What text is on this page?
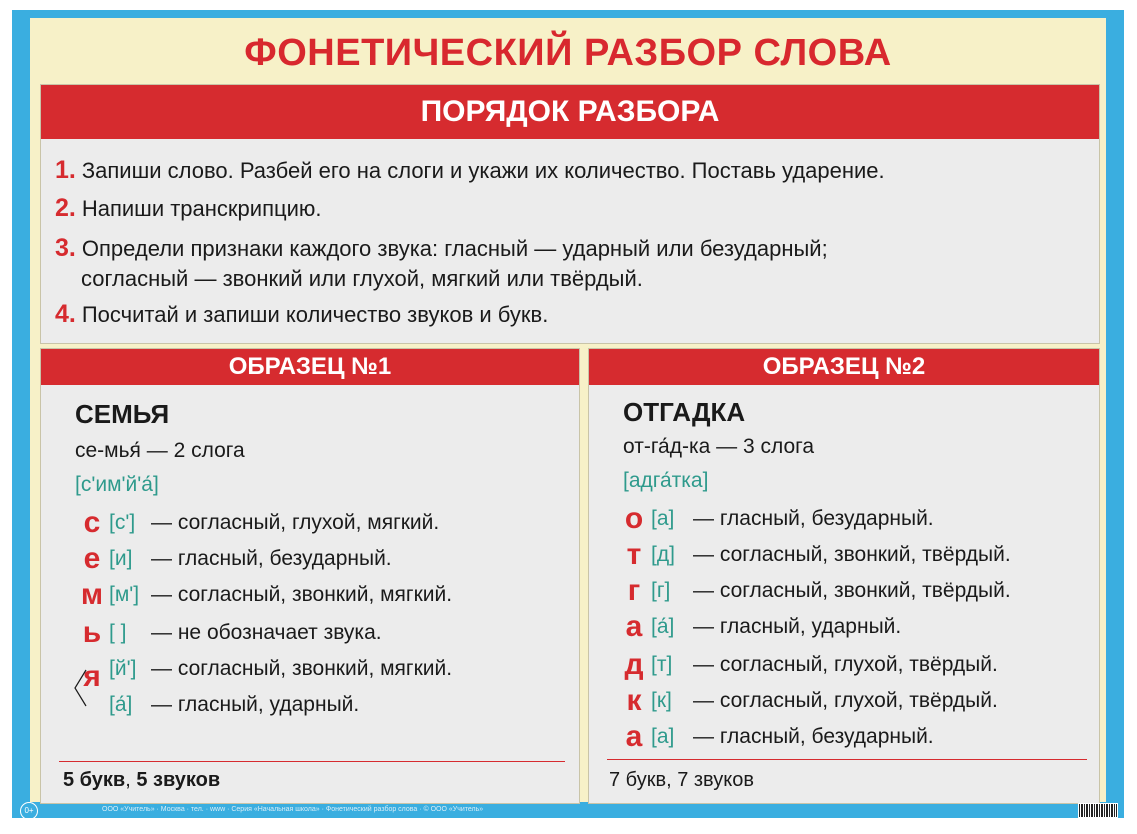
ФОНЕТИЧЕСКИЙ РАЗБОР СЛОВА
ПОРЯДОК РАЗБОРА
1. Запиши слово. Разбей его на слоги и укажи их количество. Поставь ударение.
2. Напиши транскрипцию.
3. Определи признаки каждого звука: гласный — ударный или безударный;
согласный — звонкий или глухой, мягкий или твёрдый.
4. Посчитай и запиши количество звуков и букв.
ОБРАЗЕЦ №1
СЕМЬЯ
се-мья́ — 2 слога
[с'им'й'а́]
с [с'] — согласный, глухой, мягкий.
е [и] — гласный, безударный.
м [м'] — согласный, звонкий, мягкий.
ь [ ]	— не обозначает звука.
я [й'] — согласный, звонкий, мягкий.
[а́] — гласный, ударный.
5 букв, 5 звуков
ОБРАЗЕЦ №2
ОТГАДКА
от-га́д-ка — 3 слога
[адга́тка]
о [а] — гласный, безударный.
т [д] — согласный, звонкий, твёрдый.
г [г]	— согласный, звонкий, твёрдый.
а [а́] — гласный, ударный.
д [т] — согласный, глухой, твёрдый.
к [к]	— согласный, глухой, твёрдый.
а [а] — гласный, безударный.
7 букв, 7 звуков
0+	ООО «Учитель» · Москва · тел. · www · Серия «Начальная школа» · Фонетический разбор слова · © ООО «Учитель»
